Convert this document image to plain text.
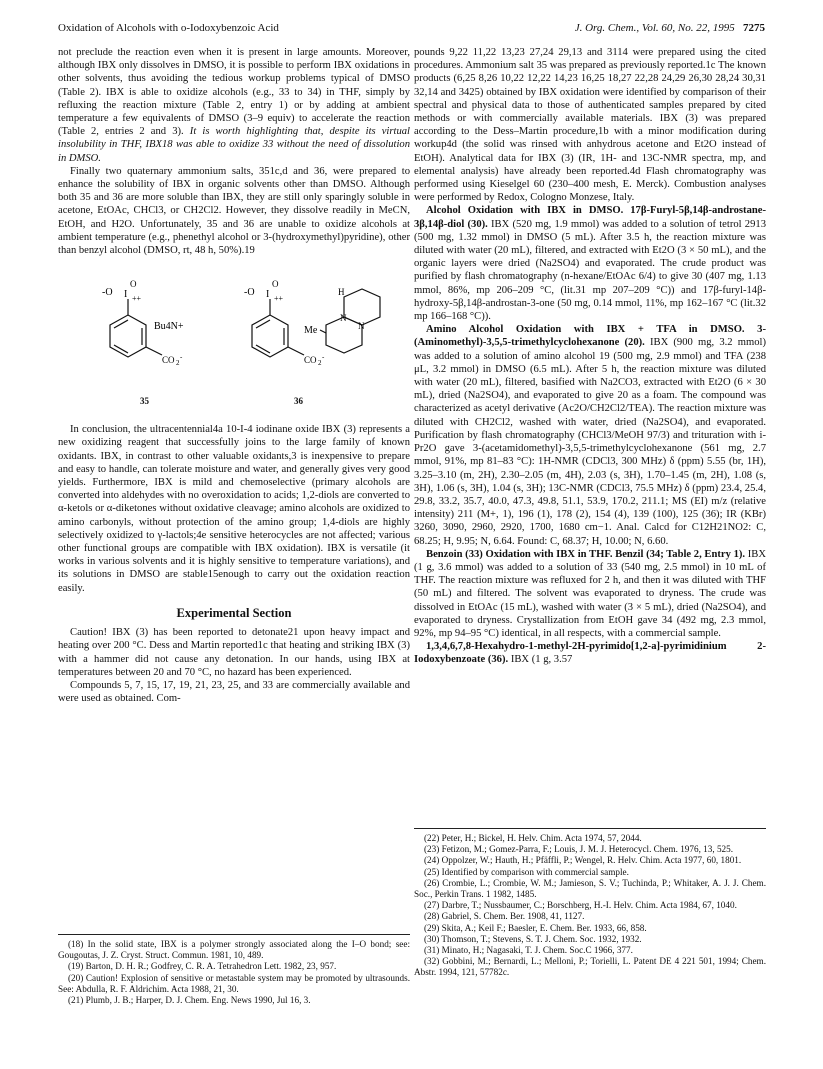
Oxidation of Alcohols with o-Iodoxybenzoic Acid	J. Org. Chem., Vol. 60, No. 22, 1995 7275

not preclude the reaction even when it is present in large amounts. Moreover, although IBX only dissolves in DMSO, it is possible to perform IBX oxidations in other solvents, thus avoiding the tedious workup problems typical of DMSO (Table 2). IBX is able to oxidize alcohols (e.g., 33 to 34) in THF, simply by refluxing the reaction mixture (Table 2, entry 1) or by adding at ambient temperature a few equivalents of DMSO (3–9 equiv) to accelerate the reaction (Table 2, entries 2 and 3). It is worth highlighting that, despite its virtual insolubility in THF, IBX18 was able to oxidize 33 without the need of dissolution in DMSO.

Finally two quaternary ammonium salts, 351c,d and 36, were prepared to enhance the solubility of IBX in organic solvents other than DMSO. Although both 35 and 36 are more soluble than IBX, they are still only sparingly soluble in acetone, EtOAc, CHCl3, or CH2Cl2. However, they dissolve readily in MeCN, EtOH, and H2O. Unfortunately, 35 and 36 are unable to oxidize alcohols at ambient temperature (e.g., phenethyl alcohol or 3-(hydroxymethyl)pyridine), other than benzyl alcohol (DMSO, rt, 48 h, 50%).19

-O I
O
++
CO 2
-
Bu4N+
-O I
O
++
CO 2
-
H
N
N
Me
35	36

In conclusion, the ultracentennial4a 10-I-4 iodinane oxide IBX (3) represents a new oxidizing reagent that successfully joins to the large family of known oxidants. IBX, in contrast to other valuable oxidants,3 is inexpensive to prepare and easy to handle, can tolerate moisture and water, and generally gives very good yields. Furthermore, IBX is mild and chemoselective (primary alcohols are converted into aldehydes with no overoxidation to acids; 1,2-diols are converted to α-ketols or α-diketones without oxidative cleavage; amino alcohols are oxidized to amino carbonyls, without protection of the amino group; 1,4-diols are highly selectively oxidized to γ-lactols;4e sensitive heterocycles are not affected; various other functional groups are compatible with IBX oxidation). IBX is versatile (it works in various solvents and it is highly sensitive to temperature variations), and its solutions in DMSO are stable15enough to carry out the oxidation reaction easily.

Experimental Section

Caution! IBX (3) has been reported to detonate21 upon heavy impact and heating over 200 °C. Dess and Martin reported1c that heating and striking IBX (3) with a hammer did not cause any detonation. In our hands, using IBX at temperatures between 20 and 70 °C, no hazard has been experienced.

Compounds 5, 7, 15, 17, 19, 21, 23, 25, and 33 are commercially available and were used as obtained. Com-

(18) In the solid state, IBX is a polymer strongly associated along the I–O bond; see: Gougoutas, J. Z. Cryst. Struct. Commun. 1981, 10, 489.

(19) Barton, D. H. R.; Godfrey, C. R. A. Tetrahedron Lett. 1982, 23, 957.

(20) Caution! Explosion of sensitive or metastable system may be promoted by ultrasounds. See: Abdulla, R. F. Aldrichim. Acta 1988, 21, 30.

(21) Plumb, J. B.; Harper, D. J. Chem. Eng. News 1990, Jul 16, 3.

pounds 9,22 11,22 13,23 27,24 29,13 and 3114 were prepared using the cited procedures. Ammonium salt 35 was prepared as previously reported.1c The known products (6,25 8,26 10,22 12,22 14,23 16,25 18,27 22,28 24,29 26,30 28,24 30,31 32,14 and 3425) obtained by IBX oxidation were identified by comparison of their spectral and physical data to those of authenticated samples prepared by cited methods or with commercially available materials. IBX (3) was prepared according to the Dess–Martin procedure,1b with a minor modification during workup4d (the solid was rinsed with anhydrous acetone and Et2O instead of EtOH). Analytical data for IBX (3) (IR, 1H- and 13C-NMR spectra, mp, and elemental analysis) have already been reported.4d Flash chromatography was performed using Kieselgel 60 (230–400 mesh, E. Merck). Combustion analyses were performed by Redox, Cologno Monzese, Italy.

Alcohol Oxidation with IBX in DMSO. 17β-Furyl-5β,14β-androstane-3β,14β-diol (30). IBX (520 mg, 1.9 mmol) was added to a solution of tetrol 2913 (500 mg, 1.32 mmol) in DMSO (5 mL). After 3.5 h, the reaction mixture was diluted with water (20 mL), filtered, and extracted with Et2O (3 × 50 mL), and the organic layers were dried (Na2SO4) and evaporated. The crude product was purified by flash chromatography (n-hexane/EtOAc 6/4) to give 30 (407 mg, 1.13 mmol, 86%, mp 206–209 °C, (lit.31 mp 207–209 °C)) and 17β-furyl-14β-hydroxy-5β,14β-androstan-3-one (50 mg, 0.14 mmol, 11%, mp 162–167 °C (lit.32 mp 166–168 °C)).

Amino Alcohol Oxidation with IBX + TFA in DMSO. 3-(Aminomethyl)-3,5,5-trimethylcyclohexanone (20). IBX (900 mg, 3.2 mmol) was added to a solution of amino alcohol 19 (500 mg, 2.9 mmol) and TFA (238 μL, 3.2 mmol) in DMSO (6.5 mL). After 5 h, the reaction mixture was diluted with water (20 mL), filtered, basified with Na2CO3, extracted with Et2O (6 × 30 mL), dried (Na2SO4), and evaporated to give 20 as a foam. The compound was characterized as acetyl derivative (Ac2O/CH2Cl2/TEA). The reaction mixture was diluted with CH2Cl2, washed with water, dried (Na2SO4), and evaporated. Purification by flash chromatography (CHCl3/MeOH 97/3) and trituration with i-Pr2O gave 3-(acetamidomethyl)-3,5,5-trimethylcyclohexanone (561 mg, 2.7 mmol, 91%, mp 81–83 °C): 1H-NMR (CDCl3, 300 MHz) δ (ppm) 5.55 (br, 1H), 3.25–3.10 (m, 2H), 2.30–2.05 (m, 4H), 2.03 (s, 3H), 1.70–1.45 (m, 2H), 1.08 (s, 3H), 1.06 (s, 3H), 1.04 (s, 3H); 13C-NMR (CDCl3, 75.5 MHz) δ (ppm) 23.4, 25.4, 29.8, 33.2, 35.7, 40.0, 47.3, 49.8, 51.1, 53.9, 170.2, 211.1; MS (EI) m/z (relative intensity) 211 (M+, 1), 196 (1), 178 (2), 154 (4), 139 (100), 125 (36); IR (KBr) 3260, 3090, 2960, 2920, 1700, 1680 cm−1. Anal. Calcd for C12H21NO2: C, 68.25; H, 9.95; N, 6.64. Found: C, 68.37; H, 10.00; N, 6.60.

Benzoin (33) Oxidation with IBX in THF. Benzil (34; Table 2, Entry 1). IBX (1 g, 3.6 mmol) was added to a solution of 33 (540 mg, 2.5 mmol) in 10 mL of THF. The reaction mixture was refluxed for 2 h, and then it was diluted with THF (50 mL) and filtered. The solvent was evaporated to dryness. The crude was dissolved in EtOAc (15 mL), washed with water (3 × 5 mL), dried (Na2SO4), and evaporated to dryness. Crystallization from EtOH gave 34 (492 mg, 2.3 mmol, 92%, mp 94–95 °C) identical, in all respects, with a commercial sample.

1,3,4,6,7,8-Hexahydro-1-methyl-2H-pyrimido[1,2-a]-pyrimidinium 2-Iodoxybenzoate (36). IBX (1 g, 3.57

(22) Peter, H.; Bickel, H. Helv. Chim. Acta 1974, 57, 2044.

(23) Fetizon, M.; Gomez-Parra, F.; Louis, J. M. J. Heterocycl. Chem. 1976, 13, 525.

(24) Oppolzer, W.; Hauth, H.; Pfäffli, P.; Wengel, R. Helv. Chim. Acta 1977, 60, 1801.

(25) Identified by comparison with commercial sample.

(26) Crombie, L.; Crombie, W. M.; Jamieson, S. V.; Tuchinda, P.; Whitaker, A. J. J. Chem. Soc., Perkin Trans. 1 1982, 1485.

(27) Darbre, T.; Nussbaumer, C.; Borschberg, H.-I. Helv. Chim. Acta 1984, 67, 1040.

(28) Gabriel, S. Chem. Ber. 1908, 41, 1127.

(29) Skita, A.; Keil F.; Baesler, E. Chem. Ber. 1933, 66, 858.

(30) Thomson, T.; Stevens, S. T. J. Chem. Soc. 1932, 1932.

(31) Minato, H.; Nagasaki, T. J. Chem. Soc.C 1966, 377.

(32) Gobbini, M.; Bernardi, L.; Melloni, P.; Torielli, L. Patent DE 4 221 501, 1994; Chem. Abstr. 1994, 121, 57782c.
